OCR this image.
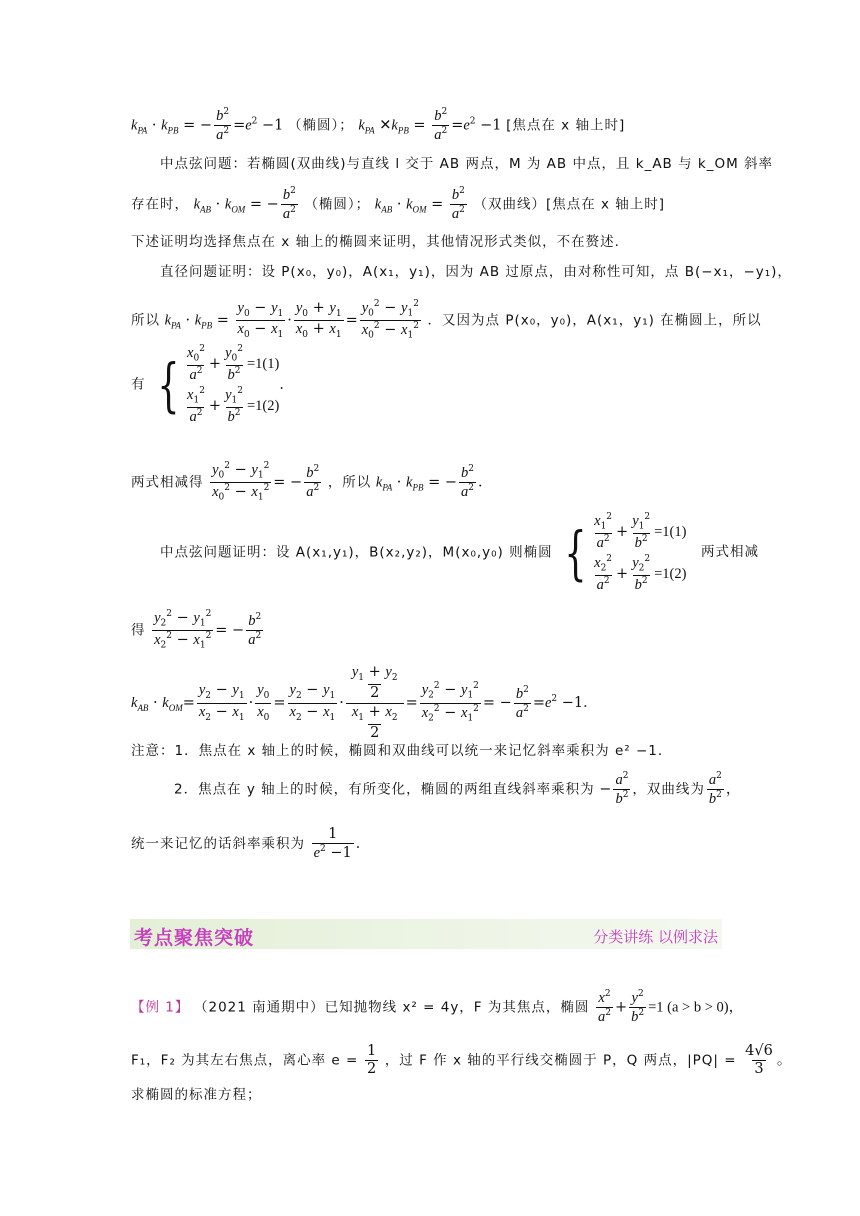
$k_{PA} \cdot k_{PB}$ = − $\frac{b^2}{a^2} =e^2 -1$ （椭圆）； $k_{PA}$ $✕k_{PB} = \frac{b^2}{a^2} =e^2 -1$ [焦点在 x 轴上时]
中点弦问题：若椭圆(双曲线)与直线 l 交于 AB 两点，M 为 AB 中点，且 k_AB 与 k_OM 斜率
存在时， $k_{AB} \cdot k_{OM}$ = − $\frac{b^2}{a^2}$ （椭圆）； $k_{AB} \cdot k_{OM} = \frac{b^2}{a^2}$ （双曲线）[焦点在 x 轴上时]
下述证明均选择焦点在 x 轴上的椭圆来证明，其他情况形式类似，不在赘述.
直径问题证明：设 P(x₀，y₀)，A(x₁，y₁)，因为 AB 过原点，由对称性可知，点 B(−x₁，−y₁)，
所以 $k_{PA} \cdot k_{PB} = \frac{y_0 - y_1}{x_0 - x_1} \cdot \frac{y_0 + y_1}{x_0 + x_1} = \frac{y_0^2 - y_1^2}{x_0^2 - x_1^2}$ ．又因为点 P(x₀，y₀)，A(x₁，y₁) 在椭圆上，所以
有 { $\frac{x_0^2}{a^2} + \frac{y_0^2}{b^2} =1(1)$
$\frac{x_1^2}{a^2} + \frac{y_1^2}{b^2} =1(2)$
．
两式相减得 $\frac{y_0^2 - y_1^2}{x_0^2 - x_1^2}$ = − $\frac{b^2}{a^2}$ ，所以 $k_{PA} \cdot k_{PB}$ = − $\frac{b^2}{a^2}$ ．
中点弦问题证明：设 A(x₁,y₁)，B(x₂,y₂)，M(x₀,y₀) 则椭圆 { $\frac{x_1^2}{a^2} + \frac{y_1^2}{b^2} =1(1)$
$\frac{x_2^2}{a^2} + \frac{y_2^2}{b^2} =1(2)$
两式相减
得 $\frac{y_2^2 - y_1^2}{x_2^2 - x_1^2}$ = − $\frac{b^2}{a^2}$
$k_{AB} \cdot k_{OM}= \frac{y_2 - y_1}{x_2 - x_1} \cdot \frac{y_0}{x_0} = \frac{y_2 - y_1}{x_2 - x_1} \cdot \frac{\frac{y_1 + y_2}{2}}{\frac{x_1 + x_2}{2}} = \frac{y_2^2 - y_1^2}{x_2^2 - x_1^2}$ = − $\frac{b^2}{a^2} =e^2 -1$．
注意：1．焦点在 x 轴上的时候，椭圆和双曲线可以统一来记忆斜率乘积为 e² −1．
2．焦点在 y 轴上的时候，有所变化，椭圆的两组直线斜率乘积为 − $\frac{a^2}{b^2}$ ，双曲线为 $\frac{a^2}{b^2}$ ，
统一来记忆的话斜率乘积为 $\frac{1}{e^2 -1}$ ．
考点聚焦突破	分类讲练 以例求法
【例 1】 （2021 南通期中）已知抛物线 x² = 4y，F 为其焦点，椭圆 $\frac{x^2}{a^2} + \frac{y^2}{b^2} =1$ (a > b > 0)，
F₁，F₂ 为其左右焦点，离心率 $e = \frac{1}{2}$ ，过 F 作 x 轴的平行线交椭圆于 P，Q 两点，$|PQ| = \frac{4√6}{3}$ 。
求椭圆的标准方程；
